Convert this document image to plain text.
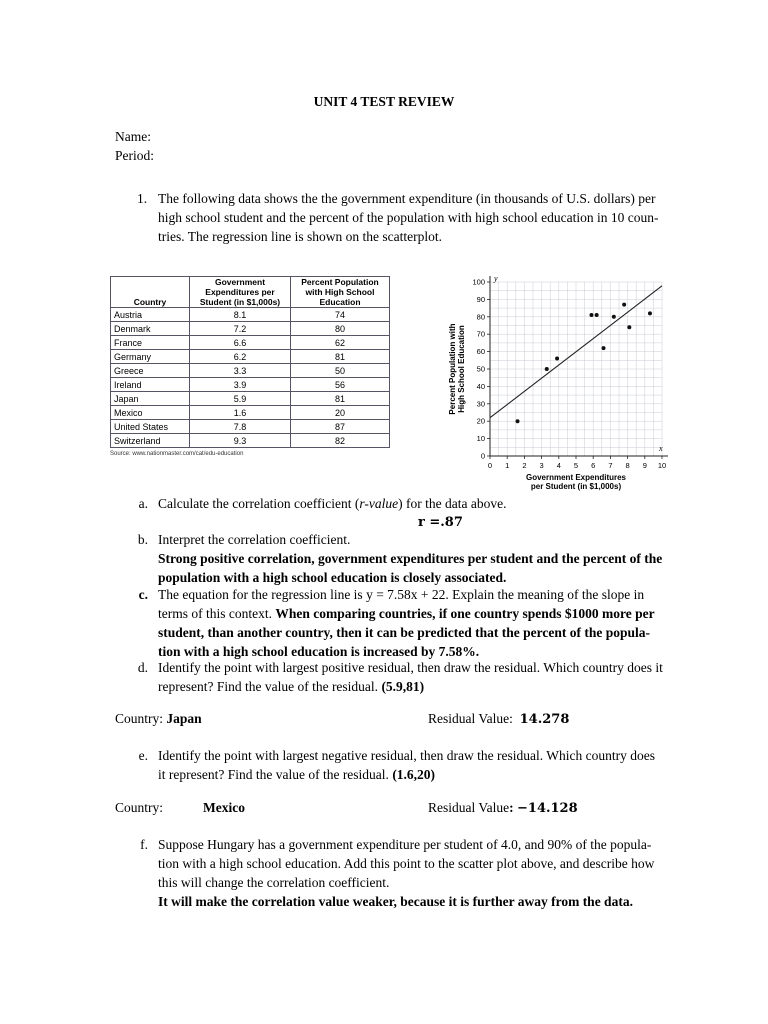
UNIT 4 TEST REVIEW
Name:
Period:
1. The following data shows the the government expenditure (in thousands of U.S. dollars) per
high school student and the percent of the population with high school education in 10 coun-
tries. The regression line is shown on the scatterplot.
Country	Government Expenditures per Student (in $1,000s)	Percent Population with High School Education
Austria	8.1	74
Denmark	7.2	80
France	6.6	62
Germany	6.2	81
Greece	3.3	50
Ireland	3.9	56
Japan	5.9	81
Mexico	1.6	20
United States	7.8	87
Switzerland	9.3	82
Source: www.nationmaster.com/cat/edu-education
0 1 2 3 4 5 6 7 8 9 10
0
10
20
30
40
50
60
70
80
90
100 y
x
Government Expenditures
per Student (in $1,000s)
Percent Population with High School Education
a. Calculate the correlation coefficient (r-value) for the data above.
r =.87
b. Interpret the correlation coefficient.
Strong positive correlation, government expenditures per student and the percent of the
population with a high school education is closely associated.
c. The equation for the regression line is y = 7.58x + 22. Explain the meaning of the slope in
terms of this context. When comparing countries, if one country spends $1000 more per
student, than another country, then it can be predicted that the percent of the popula-
tion with a high school education is increased by 7.58%.
d. Identify the point with largest positive residual, then draw the residual. Which country does it
represent? Find the value of the residual. (5.9,81)
Country: Japan	Residual Value: 14.278
e. Identify the point with largest negative residual, then draw the residual. Which country does
it represent? Find the value of the residual. (1.6,20)
Country:	Mexico	Residual Value: −14.128
f. Suppose Hungary has a government expenditure per student of 4.0, and 90% of the popula-
tion with a high school education. Add this point to the scatter plot above, and describe how
this will change the correlation coefficient.
It will make the correlation value weaker, because it is further away from the data.
